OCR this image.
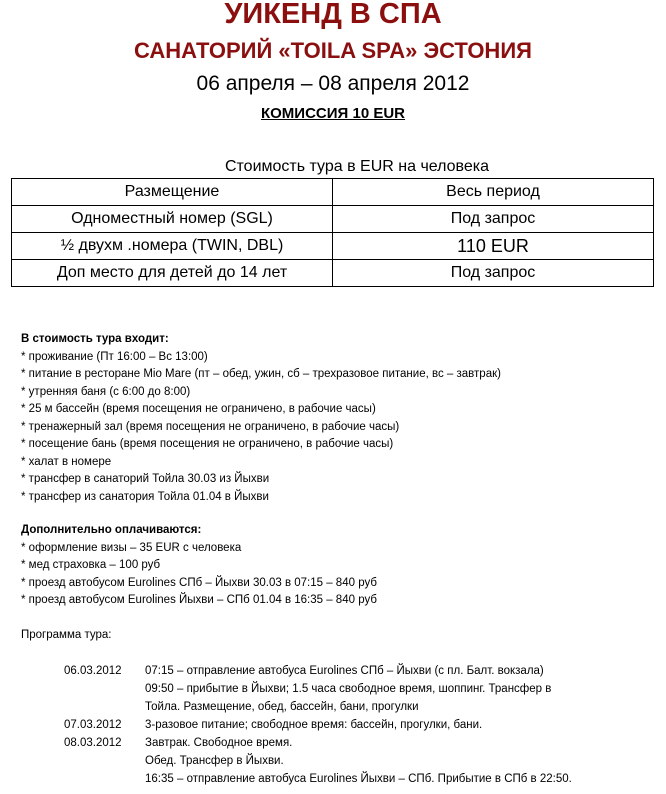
УИКЕНД В СПА
САНАТОРИЙ «TOILA SPA» ЭСТОНИЯ
06 апреля – 08 апреля 2012
КОМИССИЯ 10 EUR
Стоимость тура в EUR на человека
Размещение	Весь период
Одноместный номер (SGL)	Под запрос
½ двухм .номера (TWIN, DBL)	110 EUR
Доп место для детей до 14 лет	Под запрос
В стоимость тура входит:
* проживание (Пт 16:00 – Вс 13:00)
* питание в ресторане Mio Mare (пт – обед, ужин, сб – трехразовое питание, вс – завтрак)
* утренняя баня (с 6:00 до 8:00)
* 25 м бассейн (время посещения не ограничено, в рабочие часы)
* тренажерный зал (время посещения не ограничено, в рабочие часы)
* посещение бань (время посещения не ограничено, в рабочие часы)
* халат в номере
* трансфер в санаторий Тойла 30.03 из Йыхви
* трансфер из санатория Тойла 01.04 в Йыхви
Дополнительно оплачиваются:
* оформление визы – 35 EUR с человека
* мед страховка – 100 руб
* проезд автобусом Eurolines СПб – Йыхви 30.03 в 07:15 – 840 руб
* проезд автобусом Eurolines Йыхви – СПб 01.04 в 16:35 – 840 руб
Программа тура:
06.03.2012 07:15 – отправление автобуса Eurolines СПб – Йыхви (с пл. Балт. вокзала)
09:50 – прибытие в Йыхви; 1.5 часа свободное время, шоппинг. Трансфер в
Тойла. Размещение, обед, бассейн, бани, прогулки
07.03.2012 3-разовое питание; свободное время: бассейн, прогулки, бани.
08.03.2012 Завтрак. Свободное время.
Обед. Трансфер в Йыхви.
16:35 – отправление автобуса Eurolines Йыхви – СПб. Прибытие в СПб в 22:50.
